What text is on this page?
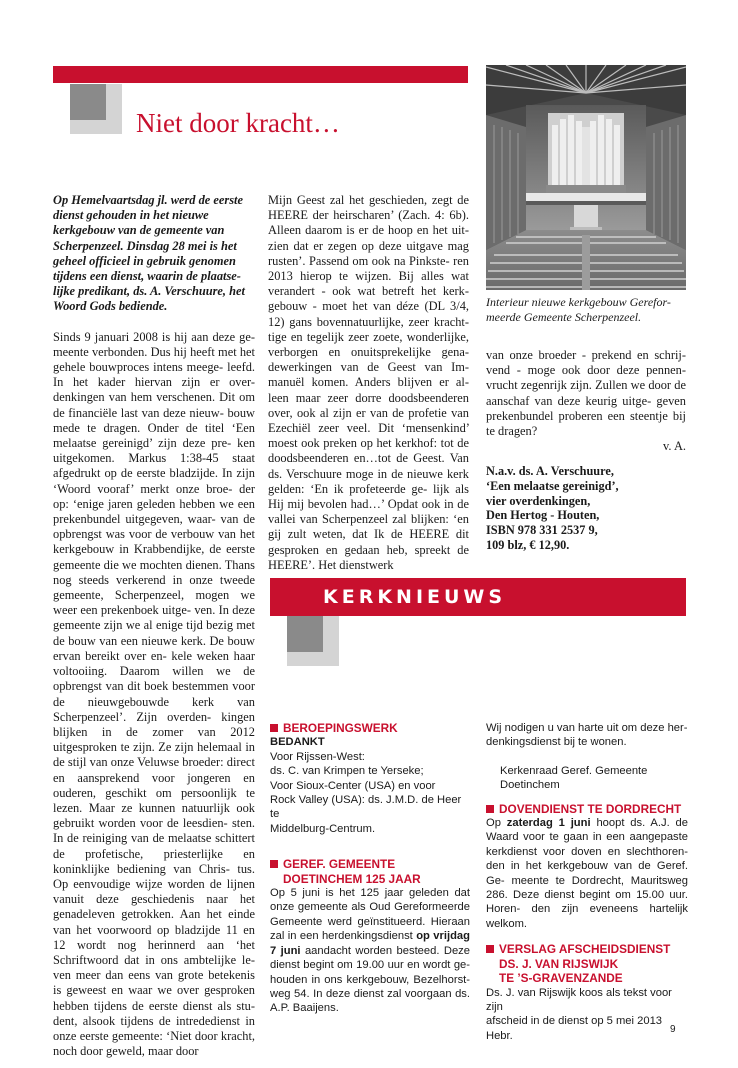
Niet door kracht…

Op Hemelvaartsdag jl. werd de eerste dienst gehouden in het nieuwe kerkgebouw van de gemeente van Scherpenzeel. Dinsdag 28 mei is het geheel officieel in gebruik genomen tijdens een dienst, waarin de plaatse- lijke predikant, ds. A. Verschuure, het Woord Gods bediende.

Sinds 9 januari 2008 is hij aan deze ge- meente verbonden. Dus hij heeft met het gehele bouwproces intens meege- leefd. In het kader hiervan zijn er over- denkingen van hem verschenen. Dit om de financiële last van deze nieuw- bouw mede te dragen. Onder de titel ‘Een melaatse gereinigd’ zijn deze pre- ken uitgekomen. Markus 1:38-45 staat afgedrukt op de eerste bladzijde. In zijn ‘Woord vooraf’ merkt onze broe- der op: ‘enige jaren geleden hebben we een prekenbundel uitgegeven, waar- van de opbrengst was voor de verbouw van het kerkgebouw in Krabbendijke, de eerste gemeente die we mochten dienen. Thans nog steeds verkerend in onze tweede gemeente, Scherpenzeel, mogen we weer een prekenboek uitge- ven. In deze gemeente zijn we al enige tijd bezig met de bouw van een nieuwe kerk. De bouw ervan bereikt over en- kele weken haar voltooiing. Daarom willen we de opbrengst van dit boek bestemmen voor de nieuwgebouwde kerk van Scherpenzeel’. Zijn overden- kingen blijken in de zomer van 2012 uitgesproken te zijn. Ze zijn helemaal in de stijl van onze Veluwse broeder: direct en aansprekend voor jongeren en ouderen, geschikt om persoonlijk te lezen. Maar ze kunnen natuurlijk ook gebruikt worden voor de leesdien- sten. In de reiniging van de melaatse schittert de profetische, priesterlijke en koninklijke bediening van Chris- tus. Op eenvoudige wijze worden de lijnen vanuit deze geschiedenis naar het genadeleven getrokken. Aan het einde van het voorwoord op bladzijde 11 en 12 wordt nog herinnerd aan ‘het Schriftwoord dat in ons ambtelijke le- ven meer dan eens van grote betekenis is geweest en waar we over gesproken hebben tijdens de eerste dienst als stu- dent, alsook tijdens de intrededienst in onze eerste gemeente: ‘Niet door kracht, noch door geweld, maar door

Mijn Geest zal het geschieden, zegt de HEERE der heirscharen’ (Zach. 4: 6b). Alleen daarom is er de hoop en het uit- zien dat er zegen op deze uitgave mag rusten’. Passend om ook na Pinkste- ren 2013 hierop te wijzen. Bij alles wat verandert - ook wat betreft het kerk- gebouw - moet het van déze (DL 3/4, 12) gans bovennatuurlijke, zeer kracht- tige en tegelijk zeer zoete, wonderlijke, verborgen en onuitsprekelijke gena- dewerkingen van de Geest van Im- manuël komen. Anders blijven er al- leen maar zeer dorre doodsbeenderen over, ook al zijn er van de profetie van Ezechiël zeer veel. Dit ‘mensenkind’ moest ook preken op het kerkhof: tot de doodsbeenderen en…tot de Geest. Van ds. Verschuure moge in de nieuwe kerk gelden: ‘En ik profeteerde ge- lijk als Hij mij bevolen had…’ Opdat ook in de vallei van Scherpenzeel zal blijken: ‘en gij zult weten, dat Ik de HEERE dit gesproken en gedaan heb, spreekt de HEERE’. Het dienstwerk

Interieur nieuwe kerkgebouw Gerefor- meerde Gemeente Scherpenzeel.

van onze broeder - prekend en schrij- vend - moge ook door deze pennen- vrucht zegenrijk zijn. Zullen we door de aanschaf van deze keurig uitge- geven prekenbundel proberen een steentje bij te dragen?

v. A.

N.a.v. ds. A. Verschuure,
‘Een melaatse gereinigd’,
vier overdenkingen,
Den Hertog - Houten,
ISBN 978 331 2537 9,
109 blz, € 12,90.
KERKNIEUWS

BEROEPINGSWERK

BEDANKT

Voor Rijssen-West:

ds. C. van Krimpen te Yerseke;

Voor Sioux-Center (USA) en voor

Rock Valley (USA): ds. J.M.D. de Heer te

Middelburg-Centrum.

GEREF. GEMEENTE

DOETINCHEM 125 JAAR

Op 5 juni is het 125 jaar geleden dat onze gemeente als Oud Gereformeerde Gemeente werd geïnstitueerd. Hieraan zal in een herdenkingsdienst op vrijdag 7 juni aandacht worden besteed. Deze dienst begint om 19.00 uur en wordt ge- houden in ons kerkgebouw, Bezelhorst- weg 54. In deze dienst zal voorgaan ds. A.P. Baaijens.

Wij nodigen u van harte uit om deze her-

denkingsdienst bij te wonen.

Kerkenraad Geref. Gemeente

Doetinchem

DOVENDIENST TE DORDRECHT

Op zaterdag 1 juni hoopt ds. A.J. de Waard voor te gaan in een aangepaste kerkdienst voor doven en slechthoren- den in het kerkgebouw van de Geref. Ge- meente te Dordrecht, Mauritsweg 286. Deze dienst begint om 15.00 uur. Horen- den zijn eveneens hartelijk welkom.

VERSLAG AFSCHEIDSDIENST

DS. J. VAN RIJSWIJK

TE ’S-GRAVENZANDE

Ds. J. van Rijswijk koos als tekst voor zijn

afscheid in de dienst op 5 mei 2013 Hebr.

9
